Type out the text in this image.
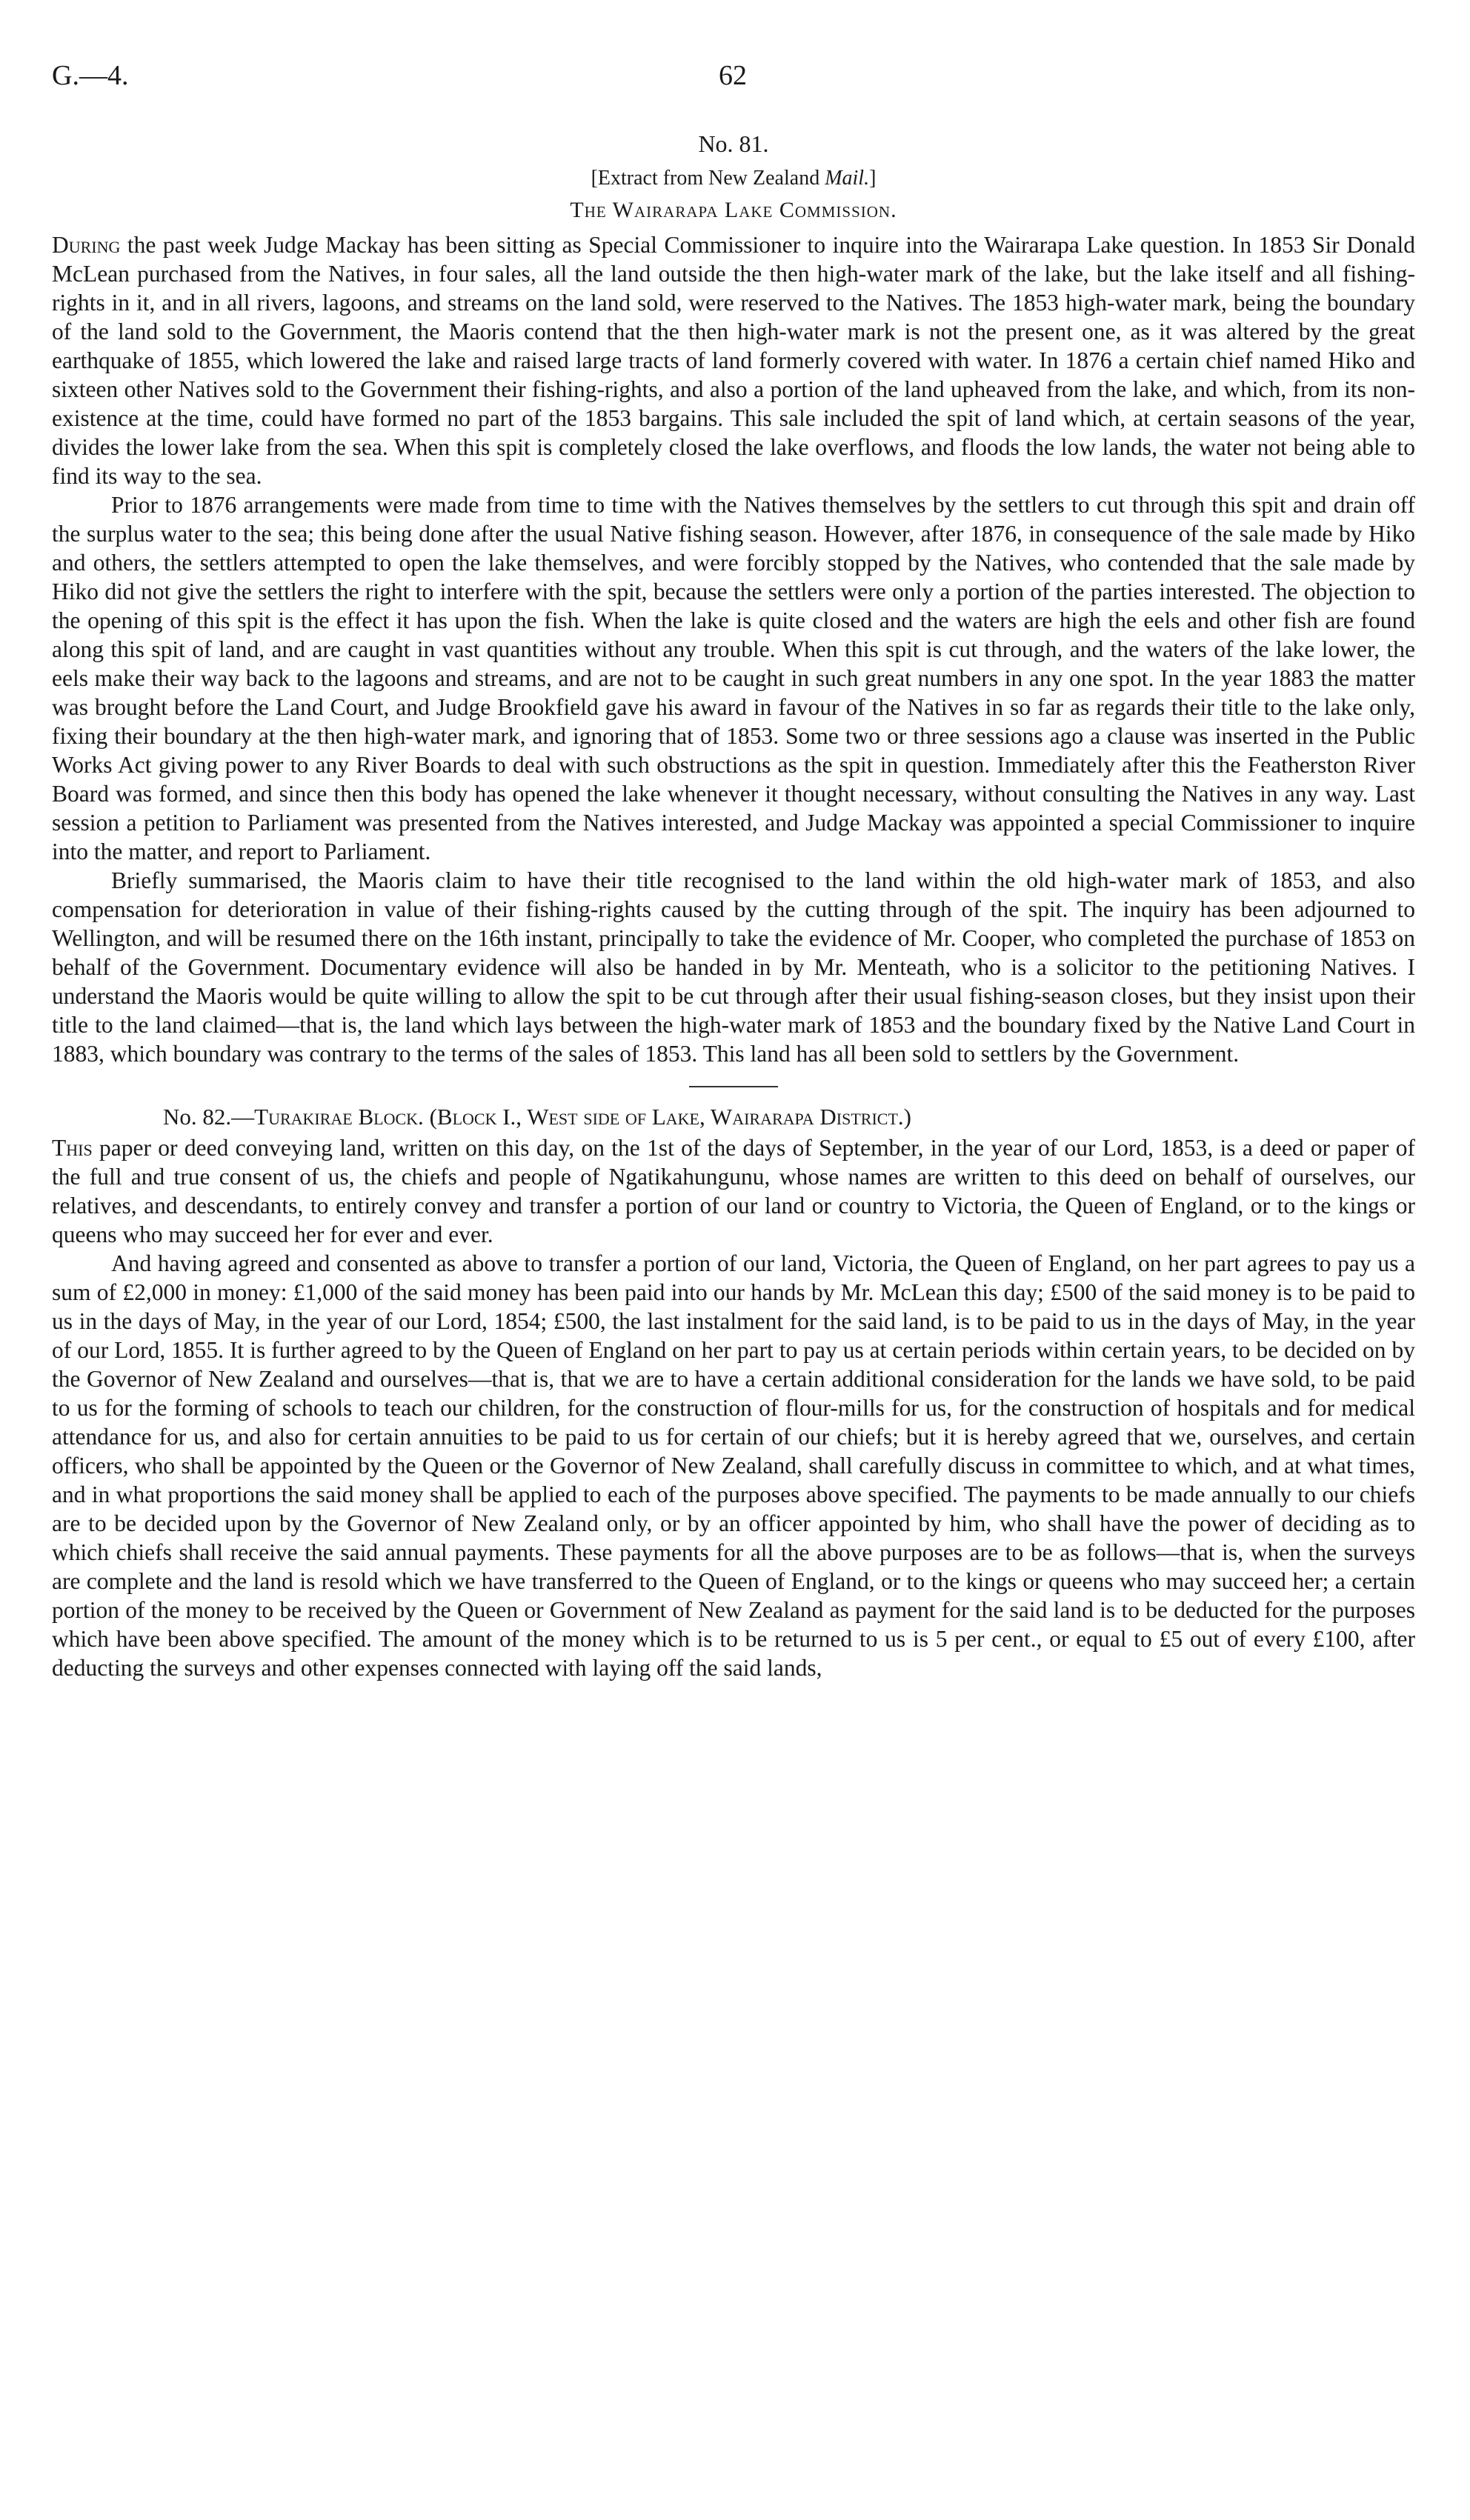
G.—4.	62
No. 81.
[Extract from New Zealand Mail.]
The Wairarapa Lake Commission.

During the past week Judge Mackay has been sitting as Special Commissioner to inquire into the Wairarapa Lake question. In 1853 Sir Donald McLean purchased from the Natives, in four sales, all the land outside the then high-water mark of the lake, but the lake itself and all fishing-rights in it, and in all rivers, lagoons, and streams on the land sold, were reserved to the Natives. The 1853 high-water mark, being the boundary of the land sold to the Government, the Maoris contend that the then high-water mark is not the present one, as it was altered by the great earthquake of 1855, which lowered the lake and raised large tracts of land formerly covered with water. In 1876 a certain chief named Hiko and sixteen other Natives sold to the Government their fishing-rights, and also a portion of the land upheaved from the lake, and which, from its non-existence at the time, could have formed no part of the 1853 bargains. This sale included the spit of land which, at certain seasons of the year, divides the lower lake from the sea. When this spit is completely closed the lake overflows, and floods the low lands, the water not being able to find its way to the sea.

Prior to 1876 arrangements were made from time to time with the Natives themselves by the settlers to cut through this spit and drain off the surplus water to the sea; this being done after the usual Native fishing season. However, after 1876, in consequence of the sale made by Hiko and others, the settlers attempted to open the lake themselves, and were forcibly stopped by the Natives, who contended that the sale made by Hiko did not give the settlers the right to interfere with the spit, because the settlers were only a portion of the parties interested. The objection to the opening of this spit is the effect it has upon the fish. When the lake is quite closed and the waters are high the eels and other fish are found along this spit of land, and are caught in vast quantities without any trouble. When this spit is cut through, and the waters of the lake lower, the eels make their way back to the lagoons and streams, and are not to be caught in such great numbers in any one spot. In the year 1883 the matter was brought before the Land Court, and Judge Brookfield gave his award in favour of the Natives in so far as regards their title to the lake only, fixing their boundary at the then high-water mark, and ignoring that of 1853. Some two or three sessions ago a clause was inserted in the Public Works Act giving power to any River Boards to deal with such obstructions as the spit in question. Immediately after this the Featherston River Board was formed, and since then this body has opened the lake whenever it thought necessary, without consulting the Natives in any way. Last session a petition to Parliament was presented from the Natives interested, and Judge Mackay was appointed a special Commissioner to inquire into the matter, and report to Parliament.

Briefly summarised, the Maoris claim to have their title recognised to the land within the old high-water mark of 1853, and also compensation for deterioration in value of their fishing-rights caused by the cutting through of the spit. The inquiry has been adjourned to Wellington, and will be resumed there on the 16th instant, principally to take the evidence of Mr. Cooper, who completed the purchase of 1853 on behalf of the Government. Documentary evidence will also be handed in by Mr. Menteath, who is a solicitor to the petitioning Natives. I understand the Maoris would be quite willing to allow the spit to be cut through after their usual fishing-season closes, but they insist upon their title to the land claimed—that is, the land which lays between the high-water mark of 1853 and the boundary fixed by the Native Land Court in 1883, which boundary was contrary to the terms of the sales of 1853. This land has all been sold to settlers by the Government.

No. 82.—Turakirae Block. (Block I., West side of Lake, Wairarapa District.)

This paper or deed conveying land, written on this day, on the 1st of the days of September, in the year of our Lord, 1853, is a deed or paper of the full and true consent of us, the chiefs and people of Ngatikahungunu, whose names are written to this deed on behalf of ourselves, our relatives, and descendants, to entirely convey and transfer a portion of our land or country to Victoria, the Queen of England, or to the kings or queens who may succeed her for ever and ever.

And having agreed and consented as above to transfer a portion of our land, Victoria, the Queen of England, on her part agrees to pay us a sum of £2,000 in money: £1,000 of the said money has been paid into our hands by Mr. McLean this day; £500 of the said money is to be paid to us in the days of May, in the year of our Lord, 1854; £500, the last instalment for the said land, is to be paid to us in the days of May, in the year of our Lord, 1855. It is further agreed to by the Queen of England on her part to pay us at certain periods within certain years, to be decided on by the Governor of New Zealand and ourselves—that is, that we are to have a certain additional consideration for the lands we have sold, to be paid to us for the forming of schools to teach our children, for the construction of flour-mills for us, for the construction of hospitals and for medical attendance for us, and also for certain annuities to be paid to us for certain of our chiefs; but it is hereby agreed that we, ourselves, and certain officers, who shall be appointed by the Queen or the Governor of New Zealand, shall carefully discuss in committee to which, and at what times, and in what proportions the said money shall be applied to each of the purposes above specified. The payments to be made annually to our chiefs are to be decided upon by the Governor of New Zealand only, or by an officer appointed by him, who shall have the power of deciding as to which chiefs shall receive the said annual payments. These payments for all the above purposes are to be as follows—that is, when the surveys are complete and the land is resold which we have transferred to the Queen of England, or to the kings or queens who may succeed her; a certain portion of the money to be received by the Queen or Government of New Zealand as payment for the said land is to be deducted for the purposes which have been above specified. The amount of the money which is to be returned to us is 5 per cent., or equal to £5 out of every £100, after deducting the surveys and other expenses connected with laying off the said lands,
